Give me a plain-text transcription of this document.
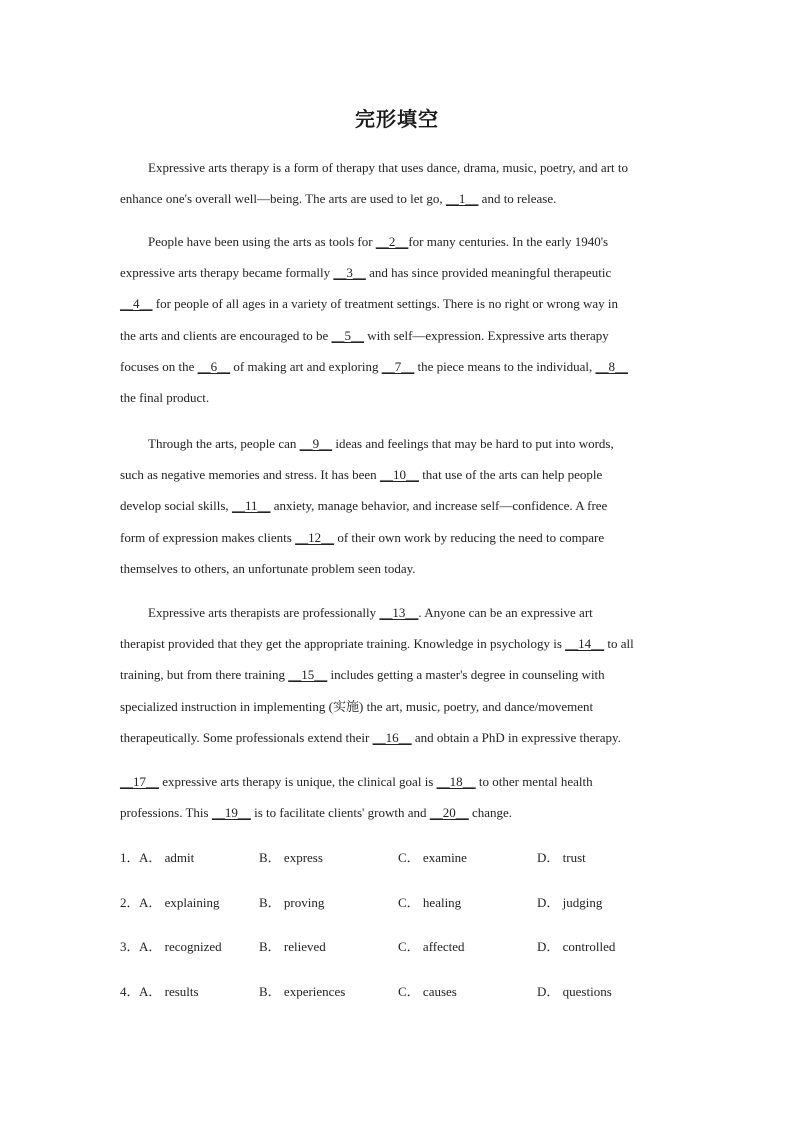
完形填空
Expressive arts therapy is a form of therapy that uses dance, drama, music, poetry, and art to
enhance one's overall well—being. The arts are used to let go, __1__ and to release.
People have been using the arts as tools for __2__for many centuries. In the early 1940's
expressive arts therapy became formally __3__ and has since provided meaningful therapeutic
__4__ for people of all ages in a variety of treatment settings. There is no right or wrong way in
the arts and clients are encouraged to be __5__ with self—expression. Expressive arts therapy
focuses on the __6__ of making art and exploring __7__ the piece means to the individual, __8__
the final product.
Through the arts, people can __9__ ideas and feelings that may be hard to put into words,
such as negative memories and stress. It has been __10__ that use of the arts can help people
develop social skills, __11__ anxiety, manage behavior, and increase self—confidence. A free
form of expression makes clients __12__ of their own work by reducing the need to compare
themselves to others, an unfortunate problem seen today.
Expressive arts therapists are professionally __13__. Anyone can be an expressive art
therapist provided that they get the appropriate training. Knowledge in psychology is __14__ to all
training, but from there training __15__ includes getting a master's degree in counseling with
specialized instruction in implementing (实施) the art, music, poetry, and dance/movement
therapeutically. Some professionals extend their __16__ and obtain a PhD in expressive therapy.
__17__ expressive arts therapy is unique, the clinical goal is __18__ to other mental health
professions. This __19__ is to facilitate clients' growth and __20__ change.
1． A． admit	B． express	C． examine	D． trust
2． A． explaining	B． proving	C． healing	D． judging
3． A． recognized	B． relieved	C． affected	D． controlled
4． A． results	B． experiences	C． causes	D． questions
